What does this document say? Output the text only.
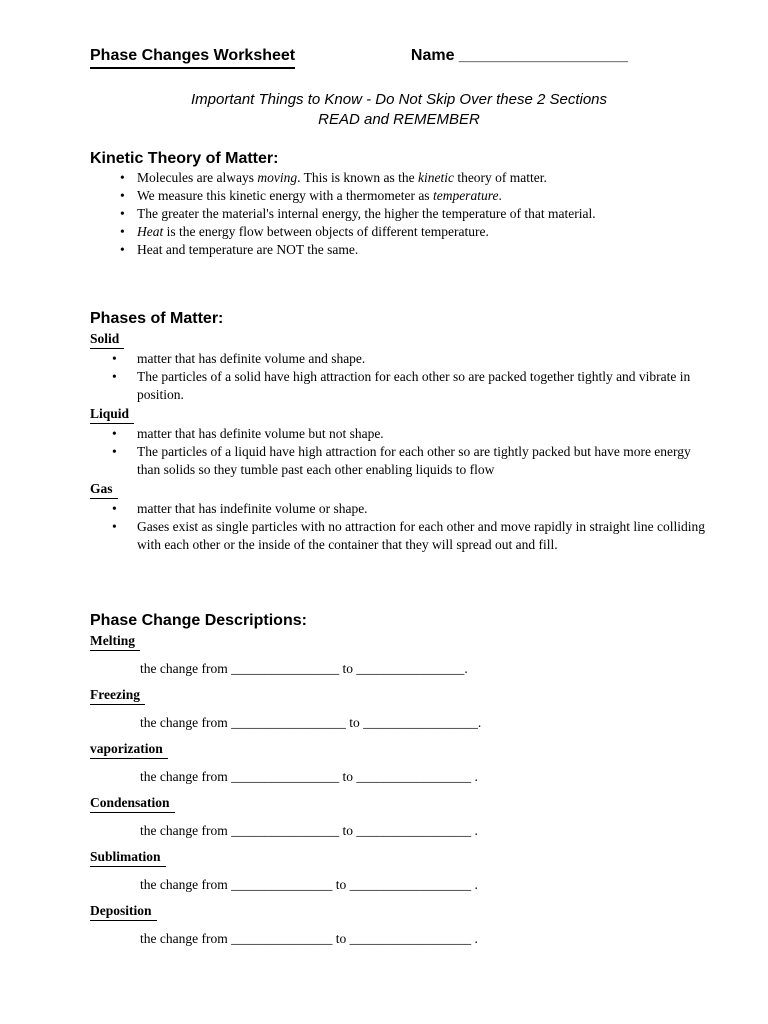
Phase Changes Worksheet	Name ___________________
Important Things to Know - Do Not Skip Over these 2 Sections
READ and REMEMBER
Kinetic Theory of Matter:
• Molecules are always moving. This is known as the kinetic theory of matter.
• We measure this kinetic energy with a thermometer as temperature.
• The greater the material's internal energy, the higher the temperature of that material.
• Heat is the energy flow between objects of different temperature.
• Heat and temperature are NOT the same.
Phases of Matter:
Solid
•	matter that has definite volume and shape.
•	The particles of a solid have high attraction for each other so are packed together tightly and vibrate in position.
Liquid
•	matter that has definite volume but not shape.
•	The particles of a liquid have high attraction for each other so are tightly packed but have more energy than solids so they tumble past each other enabling liquids to flow
Gas
•	matter that has indefinite volume or shape.
•	Gases exist as single particles with no attraction for each other and move rapidly in straight line colliding with each other or the inside of the container that they will spread out and fill.
Phase Change Descriptions:
Melting
the change from ________________ to ________________.
Freezing
the change from _________________ to _________________.
vaporization
the change from ________________ to _________________ .
Condensation
the change from ________________ to _________________ .
Sublimation
the change from _______________ to __________________ .
Deposition
the change from _______________ to __________________ .
